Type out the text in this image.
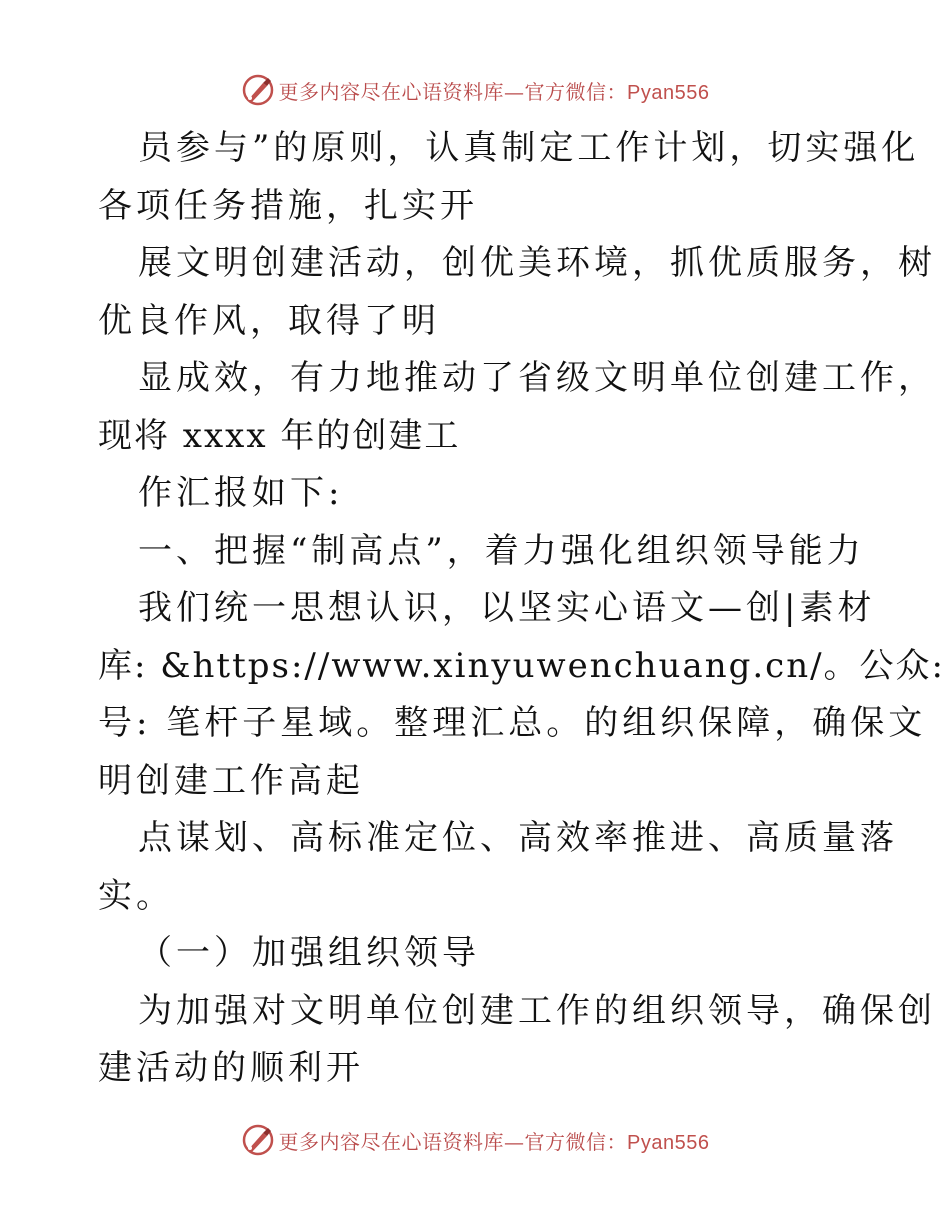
更多内容尽在心语资料库—官方微信：Pyan556
员参与”的原则，认真制定工作计划，切实强化
各项任务措施，扎实开
展文明创建活动，创优美环境，抓优质服务，树
优良作风，取得了明
显成效，有力地推动了省级文明单位创建工作，
现将 xxxx 年的创建工
作汇报如下:
一、把握“制高点”，着力强化组织领导能力
我们统一思想认识，以坚实心语文—创|素材
库: &https://www.xinyuwenchuang.cn/。公众:
号: 笔杆子星域。整理汇总。的组织保障，确保文
明创建工作高起
点谋划、高标准定位、高效率推进、高质量落
实。
（一）加强组织领导
为加强对文明单位创建工作的组织领导，确保创
建活动的顺利开
更多内容尽在心语资料库—官方微信：Pyan556
